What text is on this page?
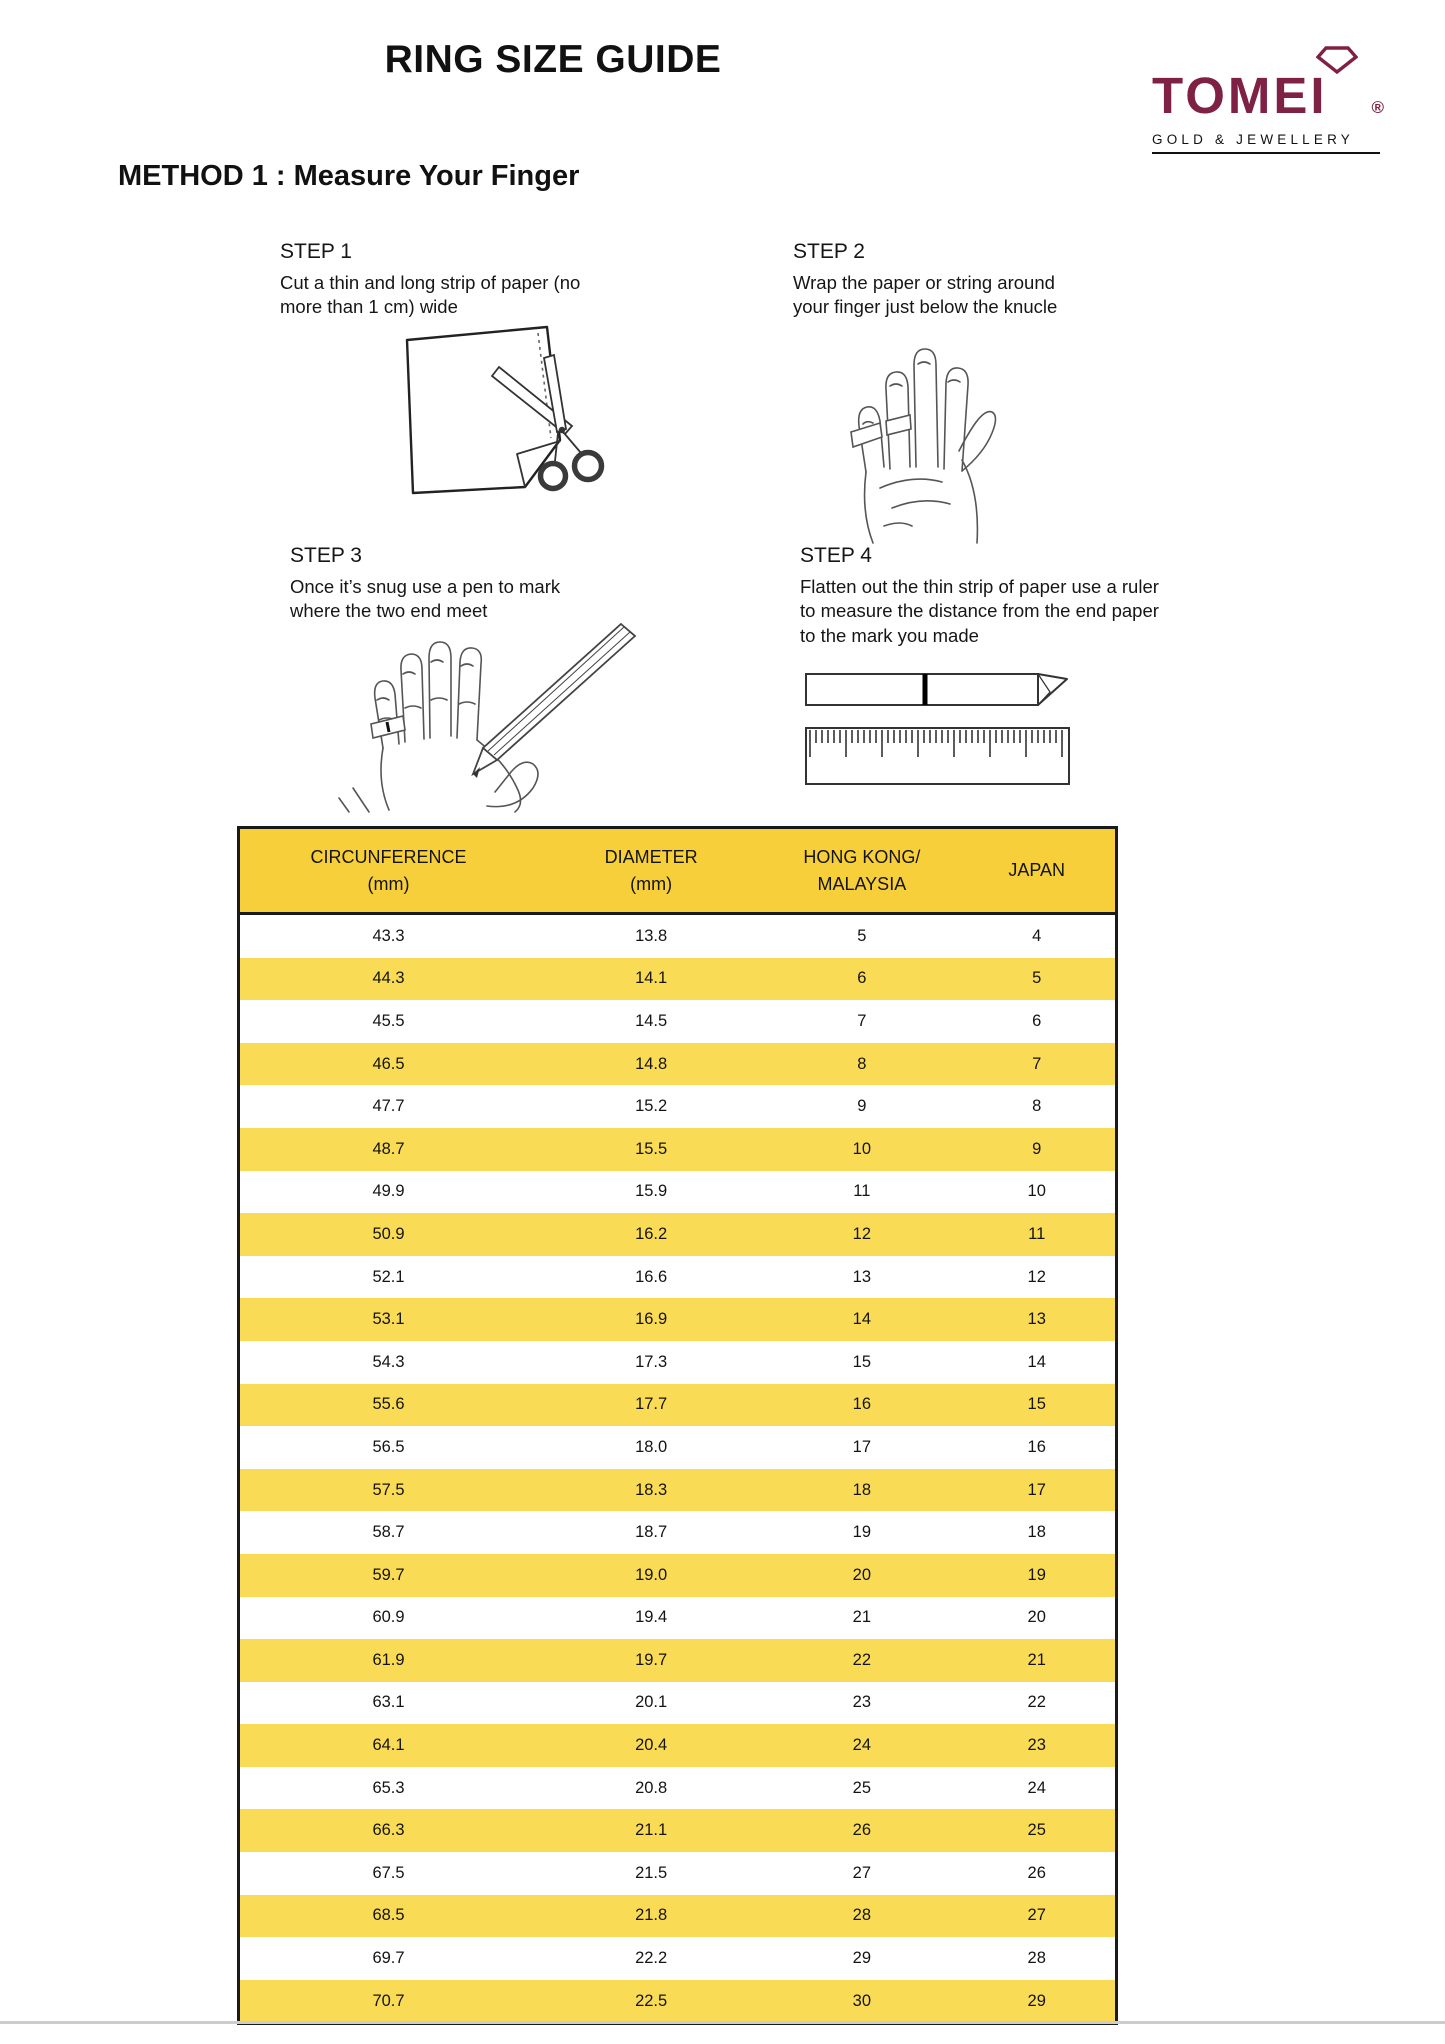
RING SIZE GUIDE
TOMEI	®
GOLD & JEWELLERY
METHOD 1 : Measure Your Finger
STEP 1
Cut a thin and long strip of paper (no more than 1 cm) wide
STEP 2
Wrap the paper or string around your finger just below the knucle
STEP 3
Once it’s snug use a pen to mark where the two end meet
STEP 4
Flatten out the thin strip of paper use a ruler to measure the distance from the end paper to the mark you made
CIRCUNFERENCE
(mm)

DIAMETER
(mm)

HONG KONG/
MALAYSIA

JAPAN

43.3	13.8	5	4
44.3	14.1	6	5
45.5	14.5	7	6
46.5	14.8	8	7
47.7	15.2	9	8
48.7	15.5	10	9
49.9	15.9	11	10
50.9	16.2	12	11
52.1	16.6	13	12
53.1	16.9	14	13
54.3	17.3	15	14
55.6	17.7	16	15
56.5	18.0	17	16
57.5	18.3	18	17
58.7	18.7	19	18
59.7	19.0	20	19
60.9	19.4	21	20
61.9	19.7	22	21
63.1	20.1	23	22
64.1	20.4	24	23
65.3	20.8	25	24
66.3	21.1	26	25
67.5	21.5	27	26
68.5	21.8	28	27
69.7	22.2	29	28
70.7	22.5	30	29
